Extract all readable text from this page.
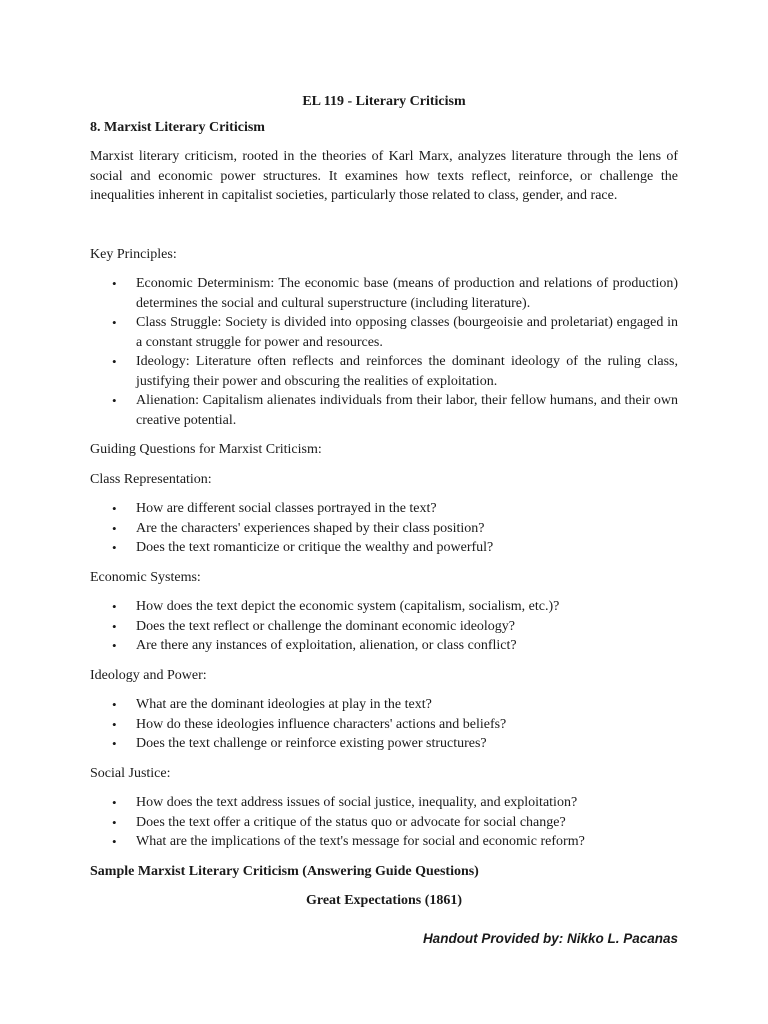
EL 119 - Literary Criticism
8. Marxist Literary Criticism

Marxist literary criticism, rooted in the theories of Karl Marx, analyzes literature through the lens of social and economic power structures. It examines how texts reflect, reinforce, or challenge the inequalities inherent in capitalist societies, particularly those related to class, gender, and race.

Key Principles:
• Economic Determinism: The economic base (means of production and relations of production) determines the social and cultural superstructure (including literature).
• Class Struggle: Society is divided into opposing classes (bourgeoisie and proletariat) engaged in a constant struggle for power and resources.
• Ideology: Literature often reflects and reinforces the dominant ideology of the ruling class, justifying their power and obscuring the realities of exploitation.
• Alienation: Capitalism alienates individuals from their labor, their fellow humans, and their own creative potential.
Guiding Questions for Marxist Criticism:
Class Representation:
• How are different social classes portrayed in the text?
• Are the characters' experiences shaped by their class position?
• Does the text romanticize or critique the wealthy and powerful?
Economic Systems:
• How does the text depict the economic system (capitalism, socialism, etc.)?
• Does the text reflect or challenge the dominant economic ideology?
• Are there any instances of exploitation, alienation, or class conflict?
Ideology and Power:
• What are the dominant ideologies at play in the text?
• How do these ideologies influence characters' actions and beliefs?
• Does the text challenge or reinforce existing power structures?
Social Justice:
• How does the text address issues of social justice, inequality, and exploitation?
• Does the text offer a critique of the status quo or advocate for social change?
• What are the implications of the text's message for social and economic reform?
Sample Marxist Literary Criticism (Answering Guide Questions)
Great Expectations (1861)
Handout Provided by: Nikko L. Pacanas
